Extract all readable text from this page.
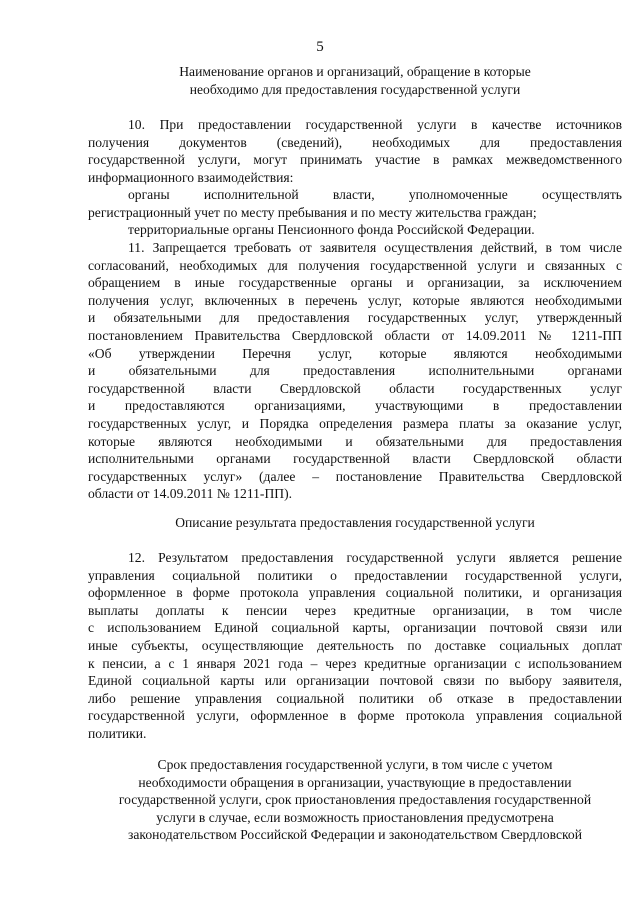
5
Наименование органов и организаций, обращение в которые
необходимо для предоставления государственной услуги
10. При предоставлении государственной услуги в качестве источников
получения документов (сведений), необходимых для предоставления
государственной услуги, могут принимать участие в рамках межведомственного
информационного взаимодействия:
органы исполнительной власти, уполномоченные осуществлять
регистрационный учет по месту пребывания и по месту жительства граждан;
территориальные органы Пенсионного фонда Российской Федерации.
11. Запрещается требовать от заявителя осуществления действий, в том числе
согласований, необходимых для получения государственной услуги и связанных с
обращением в иные государственные органы и организации, за исключением
получения услуг, включенных в перечень услуг, которые являются необходимыми
и обязательными для предоставления государственных услуг, утвержденный
постановлением Правительства Свердловской области от 14.09.2011 № 1211-ПП
«Об утверждении Перечня услуг, которые являются необходимыми
и обязательными для предоставления исполнительными органами
государственной власти Свердловской области государственных услуг
и предоставляются организациями, участвующими в предоставлении
государственных услуг, и Порядка определения размера платы за оказание услуг,
которые являются необходимыми и обязательными для предоставления
исполнительными органами государственной власти Свердловской области
государственных услуг» (далее – постановление Правительства Свердловской
области от 14.09.2011 № 1211-ПП).
Описание результата предоставления государственной услуги
12. Результатом предоставления государственной услуги является решение
управления социальной политики о предоставлении государственной услуги,
оформленное в форме протокола управления социальной политики, и организация
выплаты доплаты к пенсии через кредитные организации, в том числе
с использованием Единой социальной карты, организации почтовой связи или
иные субъекты, осуществляющие деятельность по доставке социальных доплат
к пенсии, а с 1 января 2021 года – через кредитные организации с использованием
Единой социальной карты или организации почтовой связи по выбору заявителя,
либо решение управления социальной политики об отказе в предоставлении
государственной услуги, оформленное в форме протокола управления социальной
политики.
Срок предоставления государственной услуги, в том числе с учетом
необходимости обращения в организации, участвующие в предоставлении
государственной услуги, срок приостановления предоставления государственной
услуги в случае, если возможность приостановления предусмотрена
законодательством Российской Федерации и законодательством Свердловской
